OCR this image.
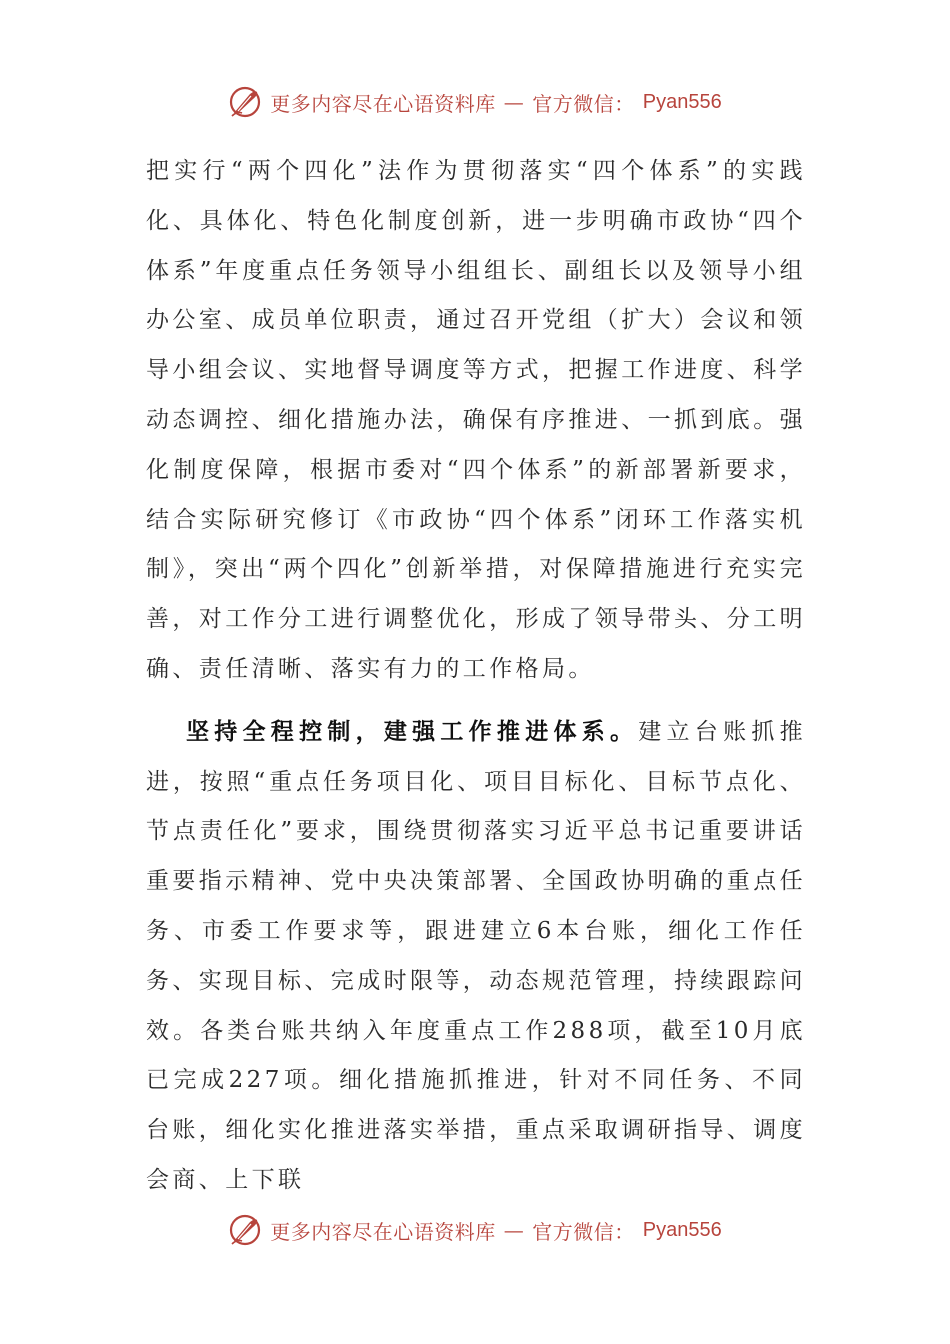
更多内容尽在心语资料库 — 官方微信： Pyan556

把实行“两个四化”法作为贯彻落实“四个体系”的实践化、具体化、特色化制度创新，进一步明确市政协“四个体系”年度重点任务领导小组组长、副组长以及领导小组办公室、成员单位职责，通过召开党组（扩大）会议和领导小组会议、实地督导调度等方式，把握工作进度、科学动态调控、细化措施办法，确保有序推进、一抓到底。强化制度保障，根据市委对“四个体系”的新部署新要求，结合实际研究修订《市政协“四个体系”闭环工作落实机制》，突出“两个四化”创新举措，对保障措施进行充实完善，对工作分工进行调整优化，形成了领导带头、分工明确、责任清晰、落实有力的工作格局。

坚持全程控制，建强工作推进体系。建立台账抓推进，按照“重点任务项目化、项目目标化、目标节点化、节点责任化”要求，围绕贯彻落实习近平总书记重要讲话重要指示精神、党中央决策部署、全国政协明确的重点任务、市委工作要求等，跟进建立6本台账，细化工作任务、实现目标、完成时限等，动态规范管理，持续跟踪问效。各类台账共纳入年度重点工作288项，截至10月底已完成227项。细化措施抓推进，针对不同任务、不同台账，细化实化推进落实举措，重点采取调研指导、调度会商、上下联

更多内容尽在心语资料库 — 官方微信： Pyan556
